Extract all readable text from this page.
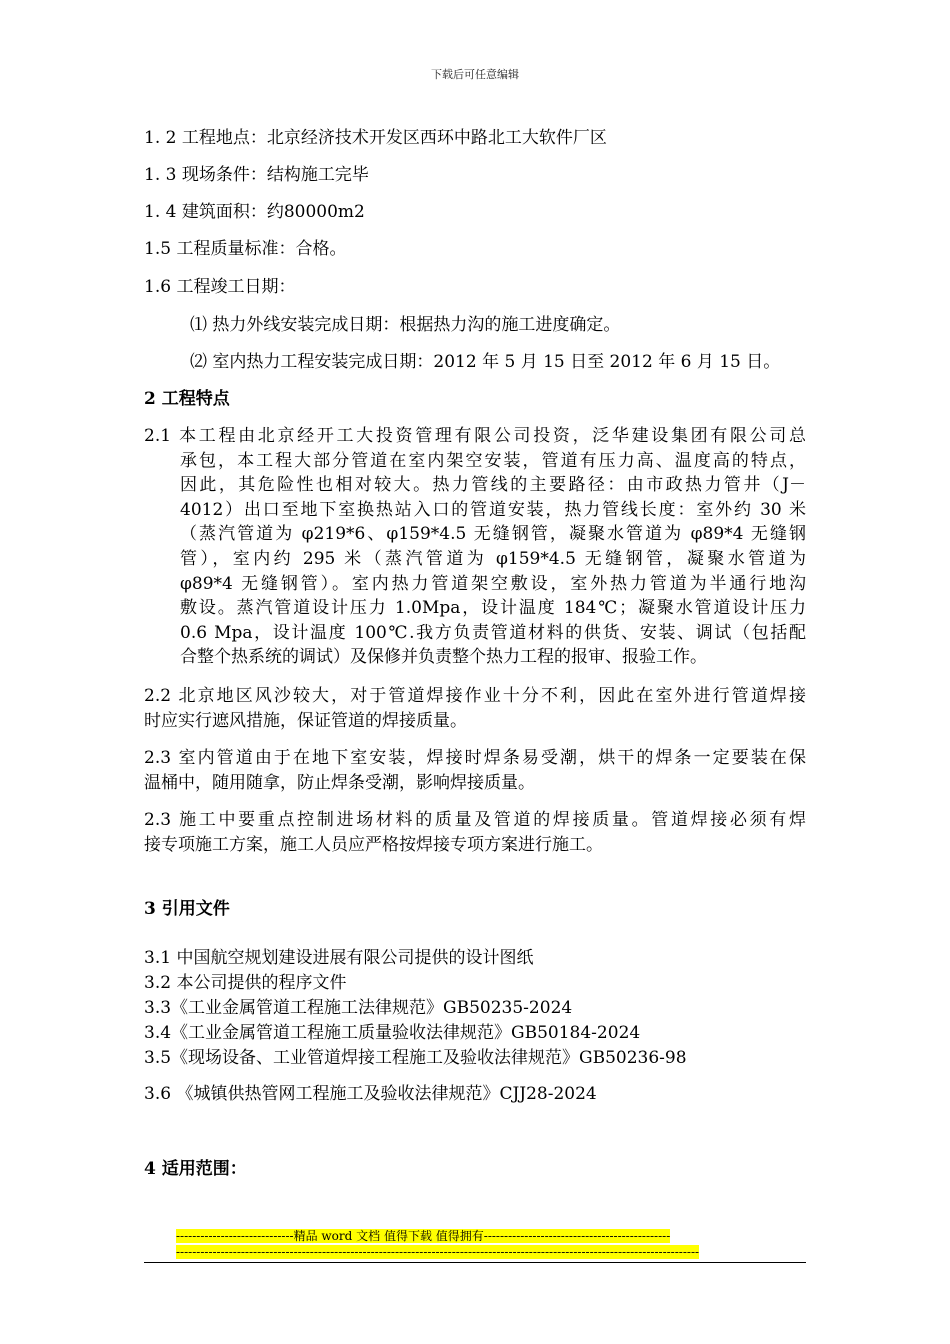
下载后可任意编辑
1. 2 工程地点：北京经济技术开发区西环中路北工大软件厂区
1. 3 现场条件：结构施工完毕
1. 4 建筑面积：约80000m2
1.5 工程质量标准：合格。
1.6 工程竣工日期：
⑴ 热力外线安装完成日期：根据热力沟的施工进度确定。
⑵ 室内热力工程安装完成日期：2012 年 5 月 15 日至 2012 年 6 月 15 日。
2 工程特点
2.1 本工程由北京经开工大投资管理有限公司投资，泛华建设集团有限公司总
承包，本工程大部分管道在室内架空安装，管道有压力高、温度高的特点，
因此，其危险性也相对较大。热力管线的主要路径：由市政热力管井（J－
4012）出口至地下室换热站入口的管道安装，热力管线长度：室外约 30 米
（蒸汽管道为 φ219*6、φ159*4.5 无缝钢管，凝聚水管道为 φ89*4 无缝钢
管），室内约 295 米（蒸汽管道为 φ159*4.5 无缝钢管，凝聚水管道为
φ89*4 无缝钢管）。室内热力管道架空敷设，室外热力管道为半通行地沟
敷设。蒸汽管道设计压力 1.0Mpa，设计温度 184℃；凝聚水管道设计压力
0.6 Mpa，设计温度 100℃.我方负责管道材料的供货、安装、调试（包括配
合整个热系统的调试）及保修并负责整个热力工程的报审、报验工作。
2.2 北京地区风沙较大，对于管道焊接作业十分不利，因此在室外进行管道焊接
时应实行遮风措施，保证管道的焊接质量。
2.3 室内管道由于在地下室安装，焊接时焊条易受潮，烘干的焊条一定要装在保
温桶中，随用随拿，防止焊条受潮，影响焊接质量。
2.3 施工中要重点控制进场材料的质量及管道的焊接质量。管道焊接必须有焊
接专项施工方案，施工人员应严格按焊接专项方案进行施工。
3 引用文件
3.1 中国航空规划建设进展有限公司提供的设计图纸
3.2 本公司提供的程序文件
3.3《工业金属管道工程施工法律规范》GB50235-2024
3.4《工业金属管道工程施工质量验收法律规范》GB50184-2024
3.5《现场设备、工业管道焊接工程施工及验收法律规范》GB50236-98
3.6 《城镇供热管网工程施工及验收法律规范》CJJ28-2024
4 适用范围：
-----------------------------精品 word 文档 值得下载 值得拥有----------------------------------------------
---------------------------------------------------------------------------------------------------------------------------------
